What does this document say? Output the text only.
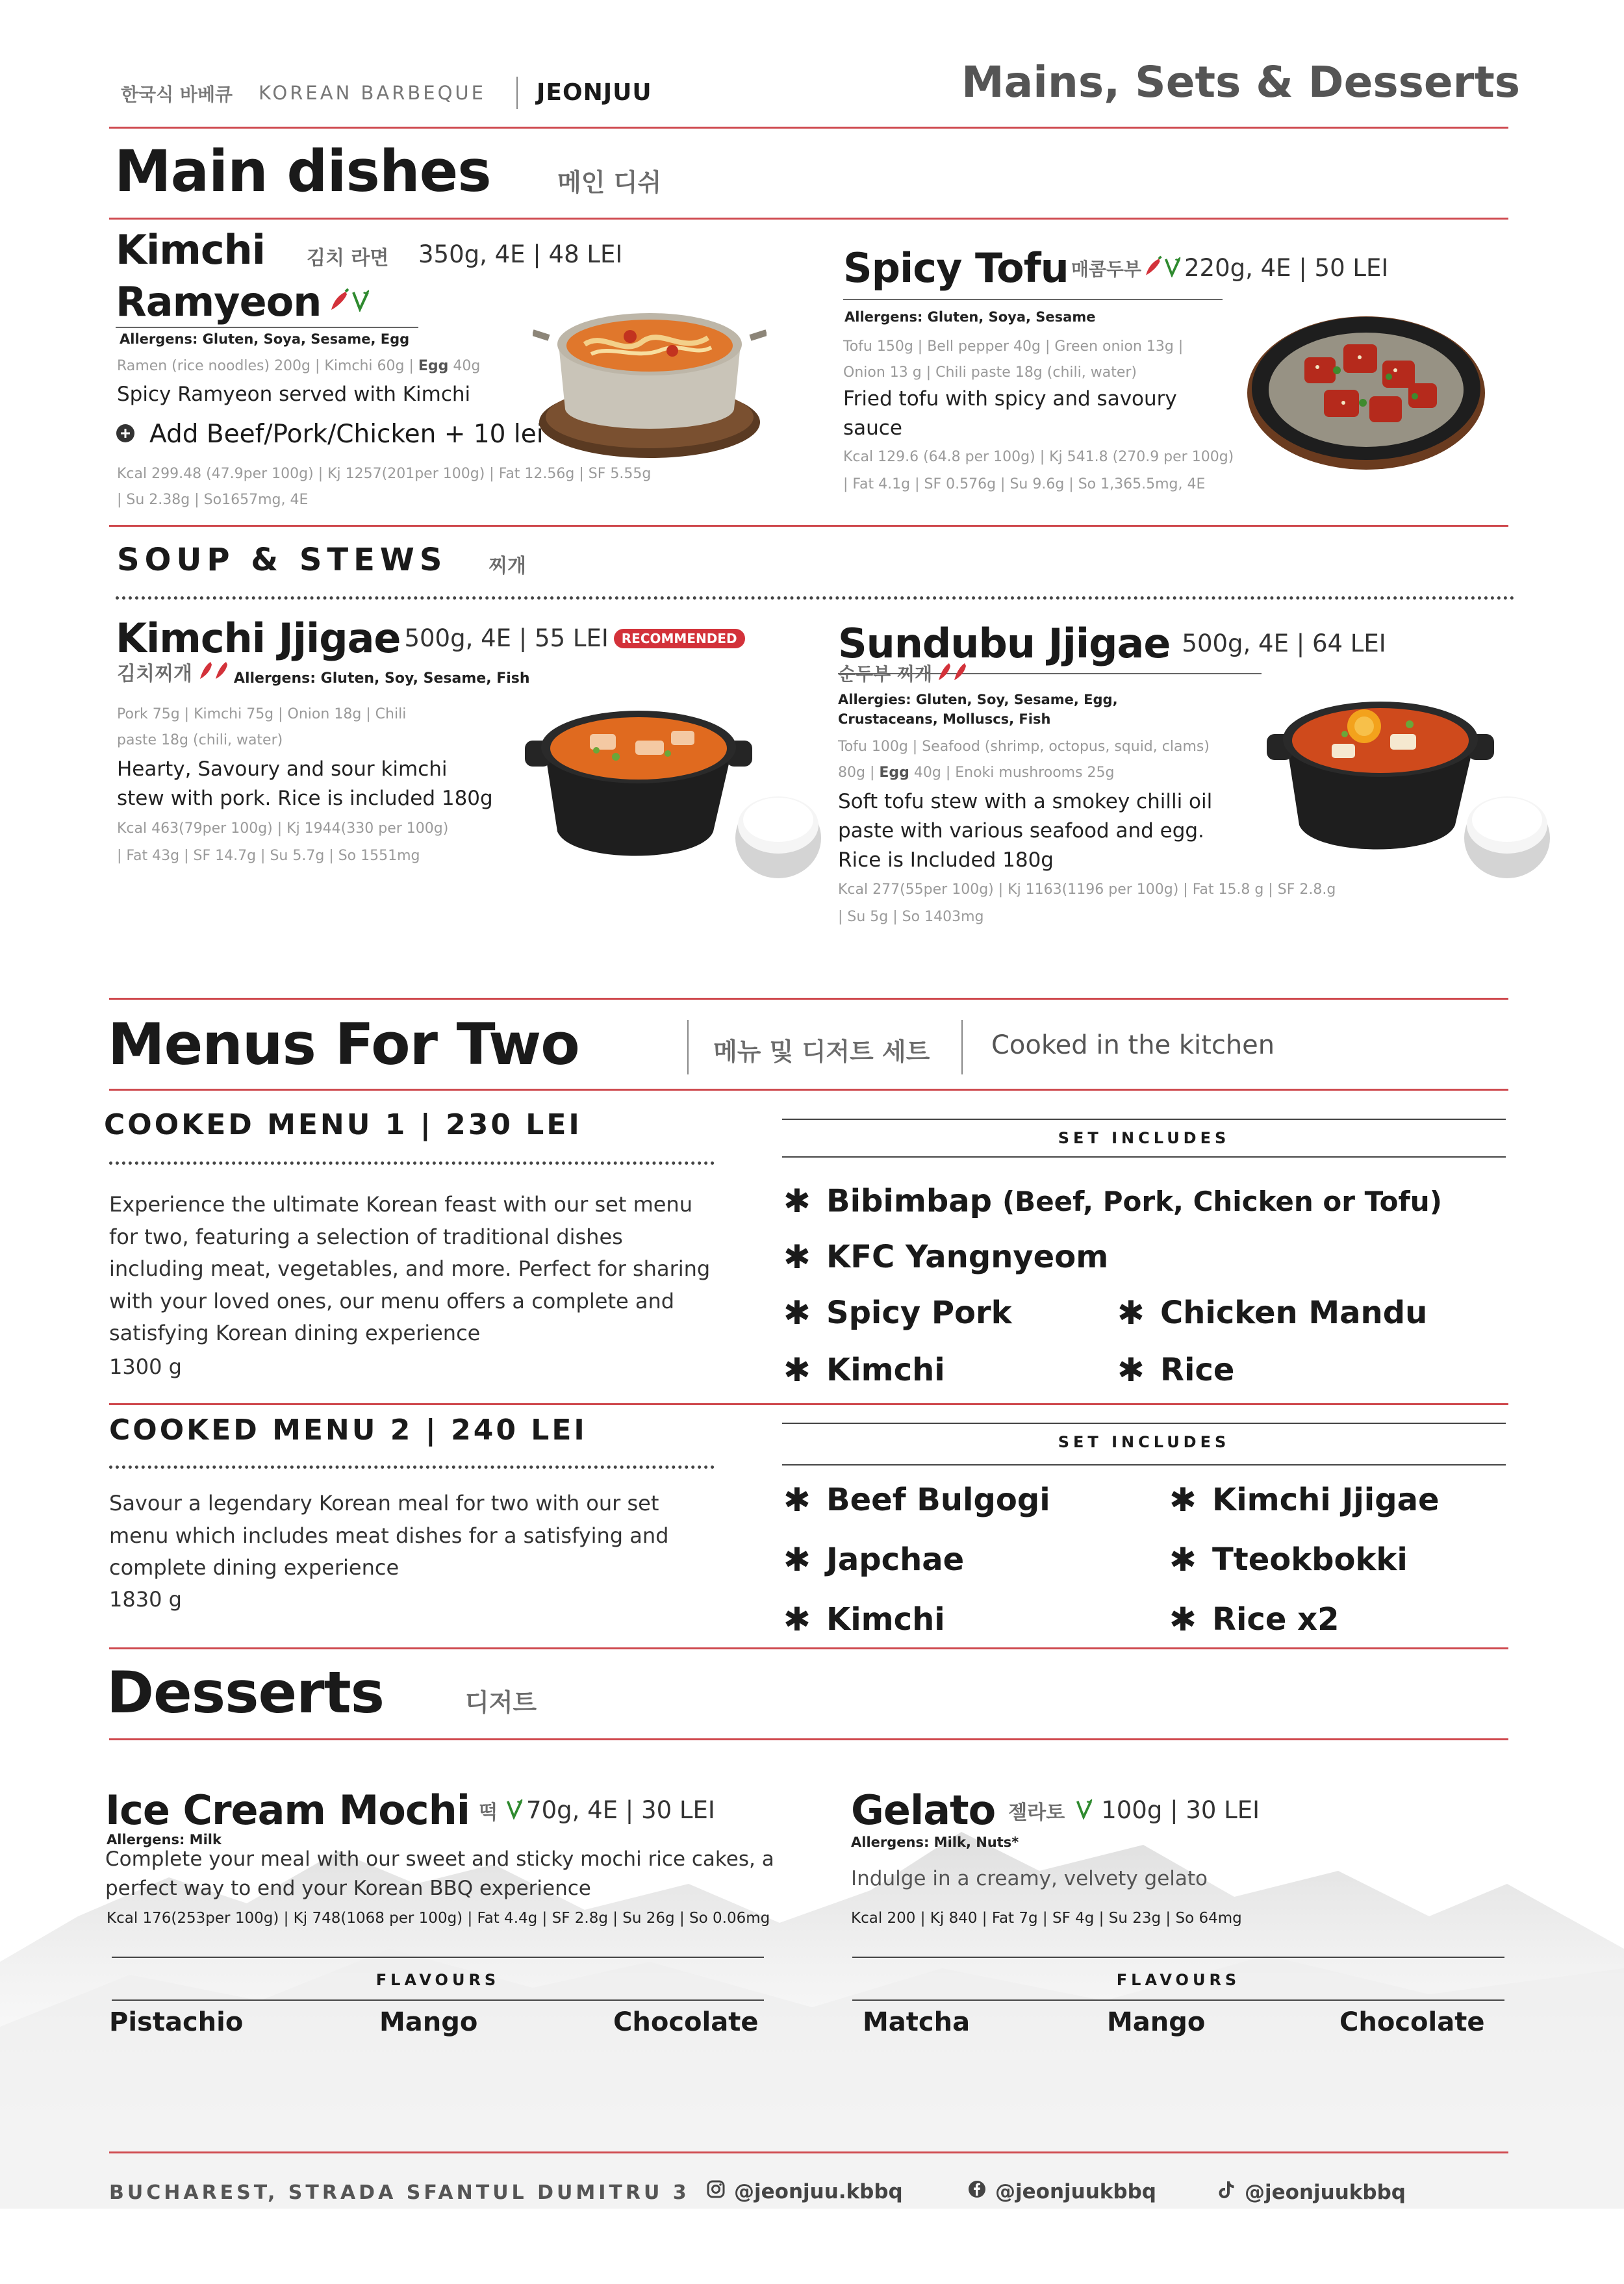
한국식 바베큐 KOREAN BARBEQUE JEONJUU	Mains, Sets & Desserts
Main dishes	메인 디쉬
Kimchi 김치 라면 350g, 4E | 48 LEI
Ramyeon
Allergens: Gluten, Soya, Sesame, Egg
Ramen (rice noodles) 200g | Kimchi 60g | Egg 40g
Spicy Ramyeon served with Kimchi
Add Beef/Pork/Chicken + 10 lei
Kcal 299.48 (47.9per 100g) | Kj 1257(201per 100g) | Fat 12.56g | SF 5.55g
| Su 2.38g | So1657mg, 4E
Spicy Tofu 매콤두부 220g, 4E | 50 LEI
Allergens: Gluten, Soya, Sesame
Tofu 150g | Bell pepper 40g | Green onion 13g |
Onion 13 g | Chili paste 18g (chili, water)
Fried tofu with spicy and savoury sauce
Kcal 129.6 (64.8 per 100g) | Kj 541.8 (270.9 per 100g)
| Fat 4.1g | SF 0.576g | Su 9.6g | So 1,365.5mg, 4E
SOUP & STEWS 찌개
Kimchi Jjigae 500g, 4E | 55 LEI	RECOMMENDED
김치찌개	Allergens: Gluten, Soy, Sesame, Fish
Pork 75g | Kimchi 75g | Onion 18g | Chili
paste 18g (chili, water)
Hearty, Savoury and sour kimchi stew with pork. Rice is included 180g
Kcal 463(79per 100g) | Kj 1944(330 per 100g)
| Fat 43g | SF 14.7g | Su 5.7g | So 1551mg
Sundubu Jjigae 500g, 4E | 64 LEI
순두부 찌개
Allergies: Gluten, Soy, Sesame, Egg, Crustaceans, Molluscs, Fish
Tofu 100g | Seafood (shrimp, octopus, squid, clams)
80g | Egg 40g | Enoki mushrooms 25g
Soft tofu stew with a smokey chilli oil paste with various seafood and egg. Rice is Included 180g
Kcal 277(55per 100g) | Kj 1163(1196 per 100g) | Fat 15.8 g | SF 2.8.g
| Su 5g | So 1403mg
Menus For Two	메뉴 및 디저트 세트 Cooked in the kitchen
COOKED MENU 1 | 230 LEI
Experience the ultimate Korean feast with our set menu for two, featuring a selection of traditional dishes including meat, vegetables, and more. Perfect for sharing with your loved ones, our menu offers a complete and satisfying Korean dining experience
1300 g
SET INCLUDES
✱ Bibimbap (Beef, Pork, Chicken or Tofu)
✱ KFC Yangnyeom
✱ Spicy Pork	✱ Chicken Mandu
✱ Kimchi	✱ Rice
COOKED MENU 2 | 240 LEI
Savour a legendary Korean meal for two with our set menu which includes meat dishes for a satisfying and complete dining experience
1830 g
SET INCLUDES
✱ Beef Bulgogi	✱ Kimchi Jjigae
✱ Japchae	✱ Tteokbokki
✱ Kimchi	✱ Rice x2
Desserts	디저트
Ice Cream Mochi 떡 70g, 4E | 30 LEI
Allergens: Milk
Complete your meal with our sweet and sticky mochi rice cakes, a perfect way to end your Korean BBQ experience
Kcal 176(253per 100g) | Kj 748(1068 per 100g) | Fat 4.4g | SF 2.8g | Su 26g | So 0.06mg
FLAVOURS
Pistachio	Mango	Chocolate
Gelato 젤라토 100g | 30 LEI
Allergens: Milk, Nuts*
Indulge in a creamy, velvety gelato
Kcal 200 | Kj 840 | Fat 7g | SF 4g | Su 23g | So 64mg
FLAVOURS
Matcha	Mango	Chocolate
BUCHAREST, STRADA SFANTUL DUMITRU 3 @jeonjuu.kbbq	@jeonjuukbbq	@jeonjuukbbq
